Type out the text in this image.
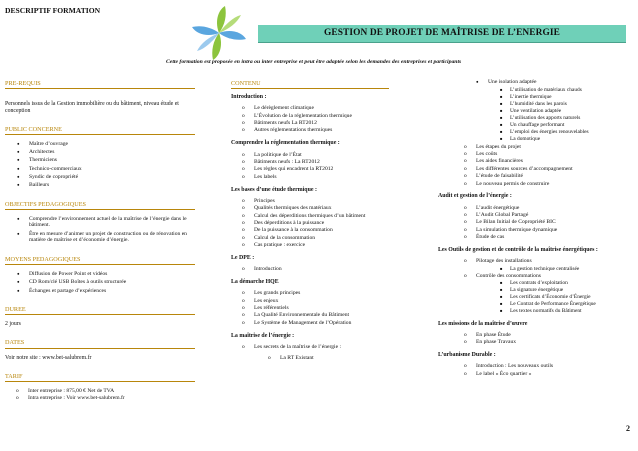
DESCRIPTIF FORMATION
GESTION DE PROJET DE MAÎTRISE DE L’ENERGIE
Cette formation est proposée en intra ou inter entreprise et peut être adaptée selon les demandes des entreprises et participants
PRE-REQUIS
Personnels issus de la Gestion immobilière ou du bâtiment, niveau étude et conception
PUBLIC CONCERNE
● Maître d’ouvrage
● Architectes
● Thermiciens
● Technico-commerciaux
● Syndic de copropriété
● Bailleurs
OBJECTIFS PEDAGOGIQUES
● Comprendre l’environnement actuel de la maîtrise de l’énergie dans le bâtiment.
● Être en mesure d’animer un projet de construction ou de rénovation en matière de maîtrise et d’économie d’énergie.
MOYENS PEDAGOGIQUES
● Diffusion de Power Point et vidéos
● CD Rom/clé USB Boîtes à outils structurée
● Échanges et partage d’expériences
DUREE
2 jours
DATES
Voir notre site : www.bet-salubrem.fr
TARIF
o Inter entreprise : 875,00 € Net de TVA
o Intra entreprise : Voir www.bet-salubrem.fr
CONTENU
Introduction :
o Le dérèglement climatique
o L’Évolution de la réglementation thermique
o Bâtiments neufs La RT2012
o Autres réglementations thermiques
Comprendre la réglementation thermique :
o La politique de l’État
o Bâtiments neufs : La RT2012
o Les règles qui encadrent la RT2012
o Les labels
Les bases d’une étude thermique :
o Principes
o Qualités thermiques des matériaux
o Calcul des déperditions thermiques d’un bâtiment
o Des déperditions à la puissance
o De la puissance à la consommation
o Calcul de la consommation
o Cas pratique : exercice
Le DPE :
o Introduction
La démarche HQE
o Les grands principes
o Les enjeux
o Les référentiels
o La Qualité Environnementale du Bâtiment
o Le Système de Management de l’Opération
La maîtrise de l’énergie :
o Les secrets de la maîtrise de l’énergie :
o La RT Existant
● Une isolation adaptée
■ L’utilisation de matériaux chauds
■ L’inertie thermique
■ L’humidité dans les parois
■ Une ventilation adaptée
■ L’utilisation des apports naturels
■ Un chauffage performant
■ L’emploi des énergies renouvelables
■ La domotique
o Les étapes du projet
o Les coûts
o Les aides financières
o Les différentes sources d’accompagnement
o L’étude de faisabilité
o Le nouveau permis de construire
Audit et gestion de l’énergie :
o L’audit énergétique
o L’Audit Global Partagé
o Le Bilan Initial de Copropriété BIC
o La simulation thermique dynamique
o Étude de cas
Les Outils de gestion et de contrôle de la maîtrise énergétiques :
o Pilotage des installations
■ La gestion technique centralisée
o Contrôle des consommations
■ Les contrats d’exploitation
■ La signature énergétique
■ Les certificats d’Économie d’Énergie
■ Le Contrat de Performance Énergétique
■ Les textes normatifs du Bâtiment
Les missions de la maîtrise d’œuvre
o En phase Étude
o En phase Travaux
L’urbanisme Durable :
o Introduction : Les nouveaux outils
o Le label « Éco quartier »
2
